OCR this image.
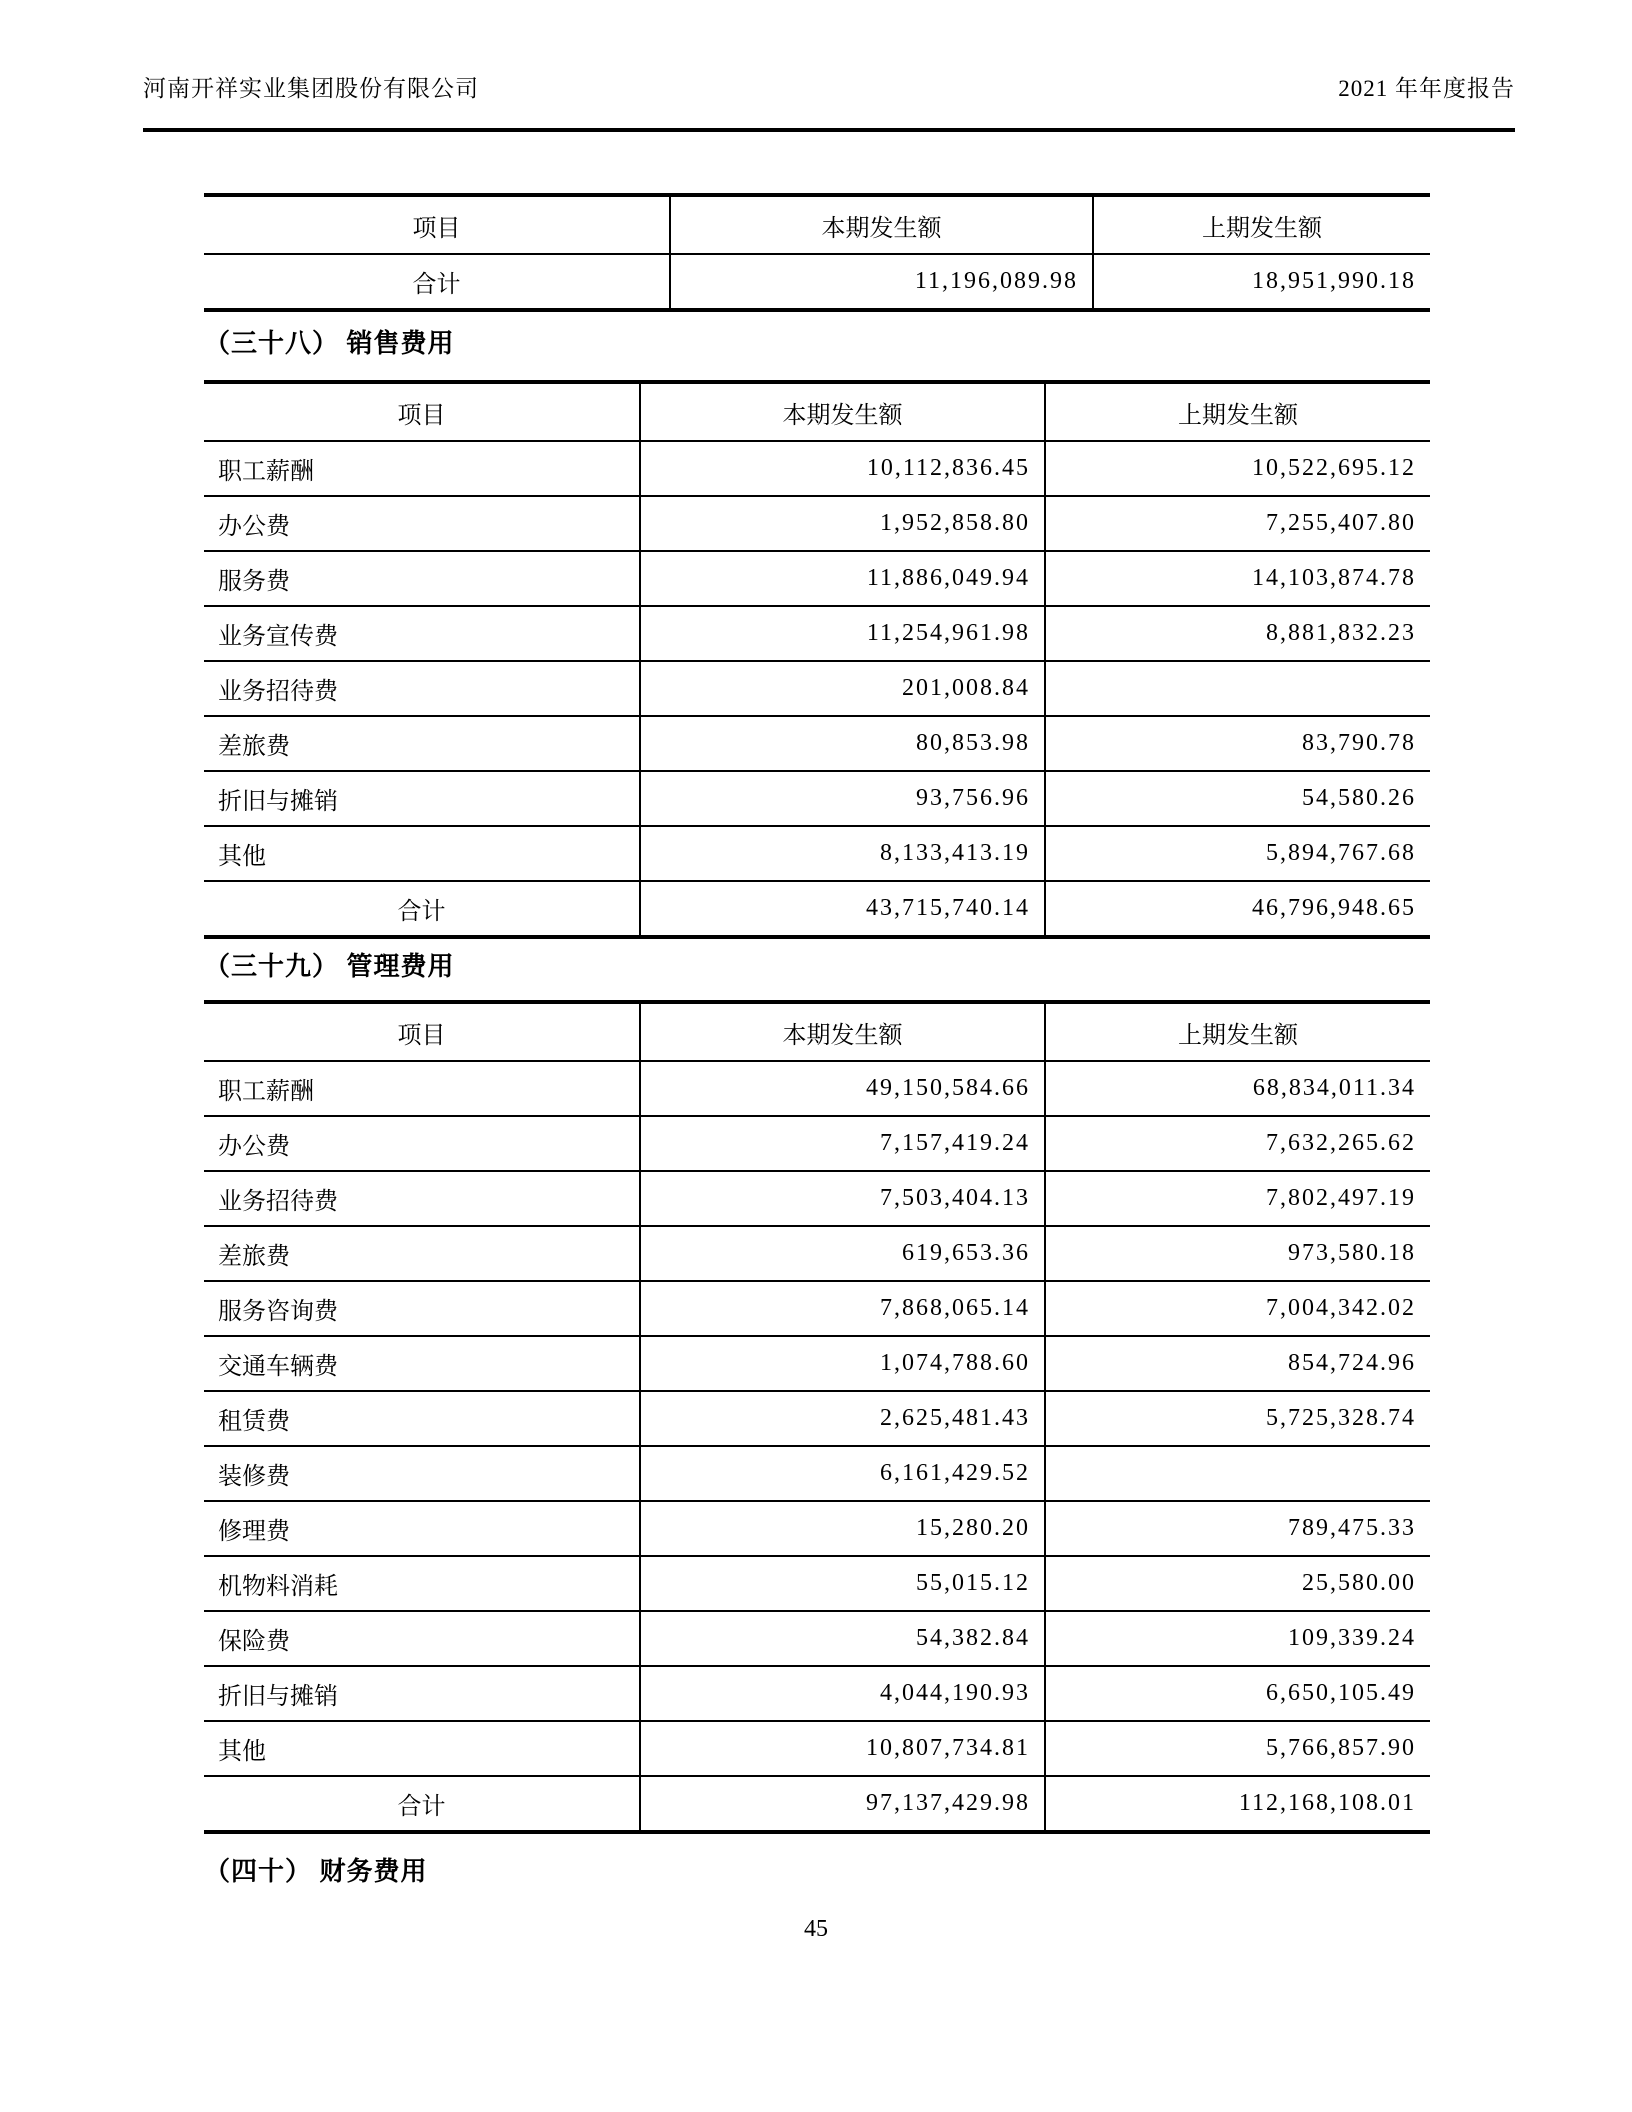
河南开祥实业集团股份有限公司	2021 年年度报告
项目	本期发生额	上期发生额
合计	11,196,089.98	18,951,990.18
（三十八） 销售费用
项目	本期发生额	上期发生额
职工薪酬	10,112,836.45	10,522,695.12
办公费	1,952,858.80	7,255,407.80
服务费	11,886,049.94	14,103,874.78
业务宣传费	11,254,961.98	8,881,832.23
业务招待费	201,008.84	
差旅费	80,853.98	83,790.78
折旧与摊销	93,756.96	54,580.26
其他	8,133,413.19	5,894,767.68
合计	43,715,740.14	46,796,948.65
（三十九） 管理费用
项目	本期发生额	上期发生额
职工薪酬	49,150,584.66	68,834,011.34
办公费	7,157,419.24	7,632,265.62
业务招待费	7,503,404.13	7,802,497.19
差旅费	619,653.36	973,580.18
服务咨询费	7,868,065.14	7,004,342.02
交通车辆费	1,074,788.60	854,724.96
租赁费	2,625,481.43	5,725,328.74
装修费	6,161,429.52	
修理费	15,280.20	789,475.33
机物料消耗	55,015.12	25,580.00
保险费	54,382.84	109,339.24
折旧与摊销	4,044,190.93	6,650,105.49
其他	10,807,734.81	5,766,857.90
合计	97,137,429.98	112,168,108.01
（四十） 财务费用
45
